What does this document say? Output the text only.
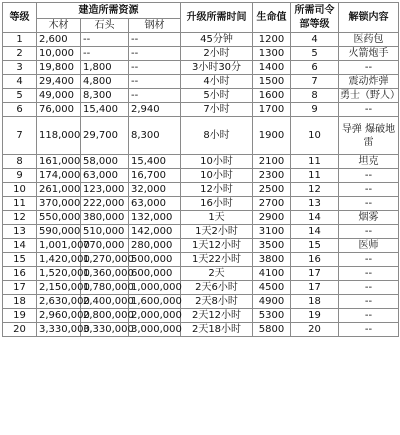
等级	建造所需资源			升级所需时间	生命值	所需司令部等级	解锁内容
	木材	石头	钢材				
1	2,600	--	--	45分钟	1200	4	医药包
2	10,000	--	--	2小时	1300	5	火箭炮手
3	19,800	1,800	--	3小时30分	1400	6	--
4	29,400	4,800	--	4小时	1500	7	震动炸弹
5	49,000	8,300	--	5小时	1600	8	勇士（野人）
6	76,000	15,400	2,940	7小时	1700	9	--
7	118,000	29,700	8,300	8小时	1900	10	导弹 爆破地雷
8	161,000	58,000	15,400	10小时	2100	11	坦克
9	174,000	63,000	16,700	10小时	2300	11	--
10	261,000	123,000	32,000	12小时	2500	12	--
11	370,000	222,000	63,000	16小时	2700	13	--
12	550,000	380,000	132,000	1天	2900	14	烟雾
13	590,000	510,000	142,000	1天2小时	3100	14	--
14	1,001,000	770,000	280,000	1天12小时	3500	15	医师
15	1,420,000	1,270,000	500,000	1天22小时	3800	16	--
16	1,520,000	1,360,000	600,000	2天	4100	17	--
17	2,150,000	1,780,000	1,000,000	2天6小时	4500	17	--
18	2,630,000	2,400,000	1,600,000	2天8小时	4900	18	--
19	2,960,000	2,800,000	2,000,000	2天12小时	5300	19	--
20	3,330,000	3,330,000	3,000,000	2天18小时	5800	20	--
